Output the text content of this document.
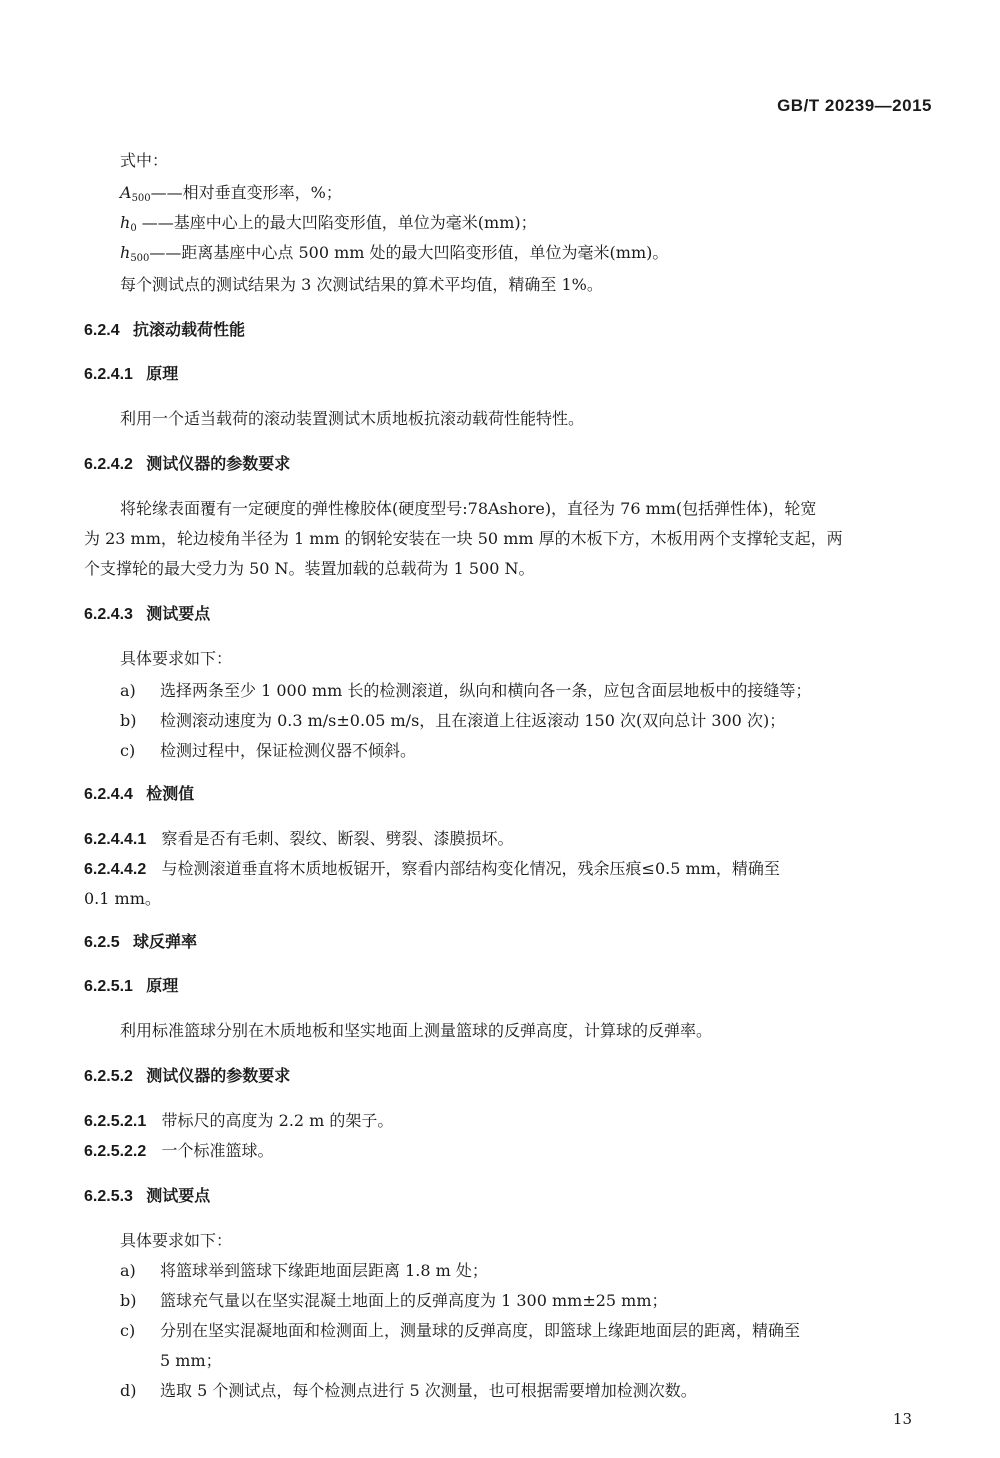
GB/T 20239—2015
式中：
$A_{500}——$相对垂直变形率，%；
$h_0$ ——基座中心上的最大凹陷变形值，单位为毫米(mm)；
$h_{500}——$距离基座中心点 500 mm 处的最大凹陷变形值，单位为毫米(mm)。
每个测试点的测试结果为 3 次测试结果的算术平均值，精确至 1%。
6.2.4 抗滚动载荷性能
6.2.4.1 原理
利用一个适当载荷的滚动装置测试木质地板抗滚动载荷性能特性。
6.2.4.2 测试仪器的参数要求
将轮缘表面覆有一定硬度的弹性橡胶体(硬度型号:78Ashore)，直径为 76 mm(包括弹性体)，轮宽
为 23 mm，轮边棱角半径为 1 mm 的钢轮安装在一块 50 mm 厚的木板下方，木板用两个支撑轮支起，两
个支撑轮的最大受力为 50 N。装置加载的总载荷为 1 500 N。
6.2.4.3 测试要点
具体要求如下：
a) 选择两条至少 1 000 mm 长的检测滚道，纵向和横向各一条，应包含面层地板中的接缝等；
b) 检测滚动速度为 0.3 m/s±0.05 m/s，且在滚道上往返滚动 150 次(双向总计 300 次)；
c) 检测过程中，保证检测仪器不倾斜。
6.2.4.4 检测值
6.2.4.4.1 察看是否有毛刺、裂纹、断裂、劈裂、漆膜损坏。
6.2.4.4.2 与检测滚道垂直将木质地板锯开，察看内部结构变化情况，残余压痕≤0.5 mm，精确至
0.1 mm。
6.2.5 球反弹率
6.2.5.1 原理
利用标准篮球分别在木质地板和坚实地面上测量篮球的反弹高度，计算球的反弹率。
6.2.5.2 测试仪器的参数要求
6.2.5.2.1 带标尺的高度为 2.2 m 的架子。
6.2.5.2.2 一个标准篮球。
6.2.5.3 测试要点
具体要求如下：
a) 将篮球举到篮球下缘距地面层距离 1.8 m 处；
b) 篮球充气量以在坚实混凝土地面上的反弹高度为 1 300 mm±25 mm；
c) 分别在坚实混凝地面和检测面上，测量球的反弹高度，即篮球上缘距地面层的距离，精确至
5 mm；
d) 选取 5 个测试点，每个检测点进行 5 次测量，也可根据需要增加检测次数。
13
